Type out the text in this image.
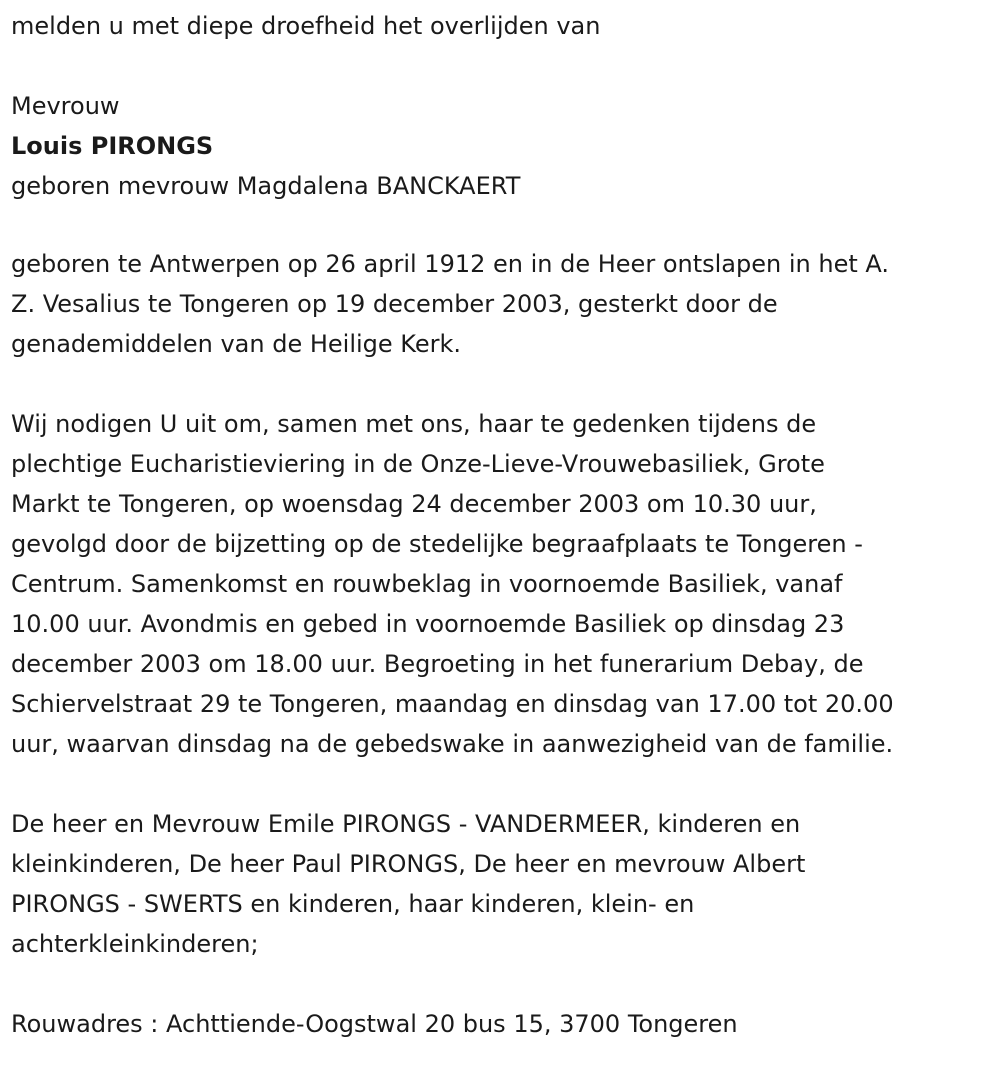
melden u met diepe droefheid het overlijden van
Mevrouw
Louis PIRONGS
geboren mevrouw Magdalena BANCKAERT
geboren te Antwerpen op 26 april 1912 en in de Heer ontslapen in het A.
Z. Vesalius te Tongeren op 19 december 2003, gesterkt door de
genademiddelen van de Heilige Kerk.
Wij nodigen U uit om, samen met ons, haar te gedenken tijdens de
plechtige Eucharistieviering in de Onze-Lieve-Vrouwebasiliek, Grote
Markt te Tongeren, op woensdag 24 december 2003 om 10.30 uur,
gevolgd door de bijzetting op de stedelijke begraafplaats te Tongeren -
Centrum. Samenkomst en rouwbeklag in voornoemde Basiliek, vanaf
10.00 uur. Avondmis en gebed in voornoemde Basiliek op dinsdag 23
december 2003 om 18.00 uur. Begroeting in het funerarium Debay, de
Schiervelstraat 29 te Tongeren, maandag en dinsdag van 17.00 tot 20.00
uur, waarvan dinsdag na de gebedswake in aanwezigheid van de familie.
De heer en Mevrouw Emile PIRONGS - VANDERMEER, kinderen en
kleinkinderen, De heer Paul PIRONGS, De heer en mevrouw Albert
PIRONGS - SWERTS en kinderen, haar kinderen, klein- en
achterkleinkinderen;
Rouwadres : Achttiende-Oogstwal 20 bus 15, 3700 Tongeren
